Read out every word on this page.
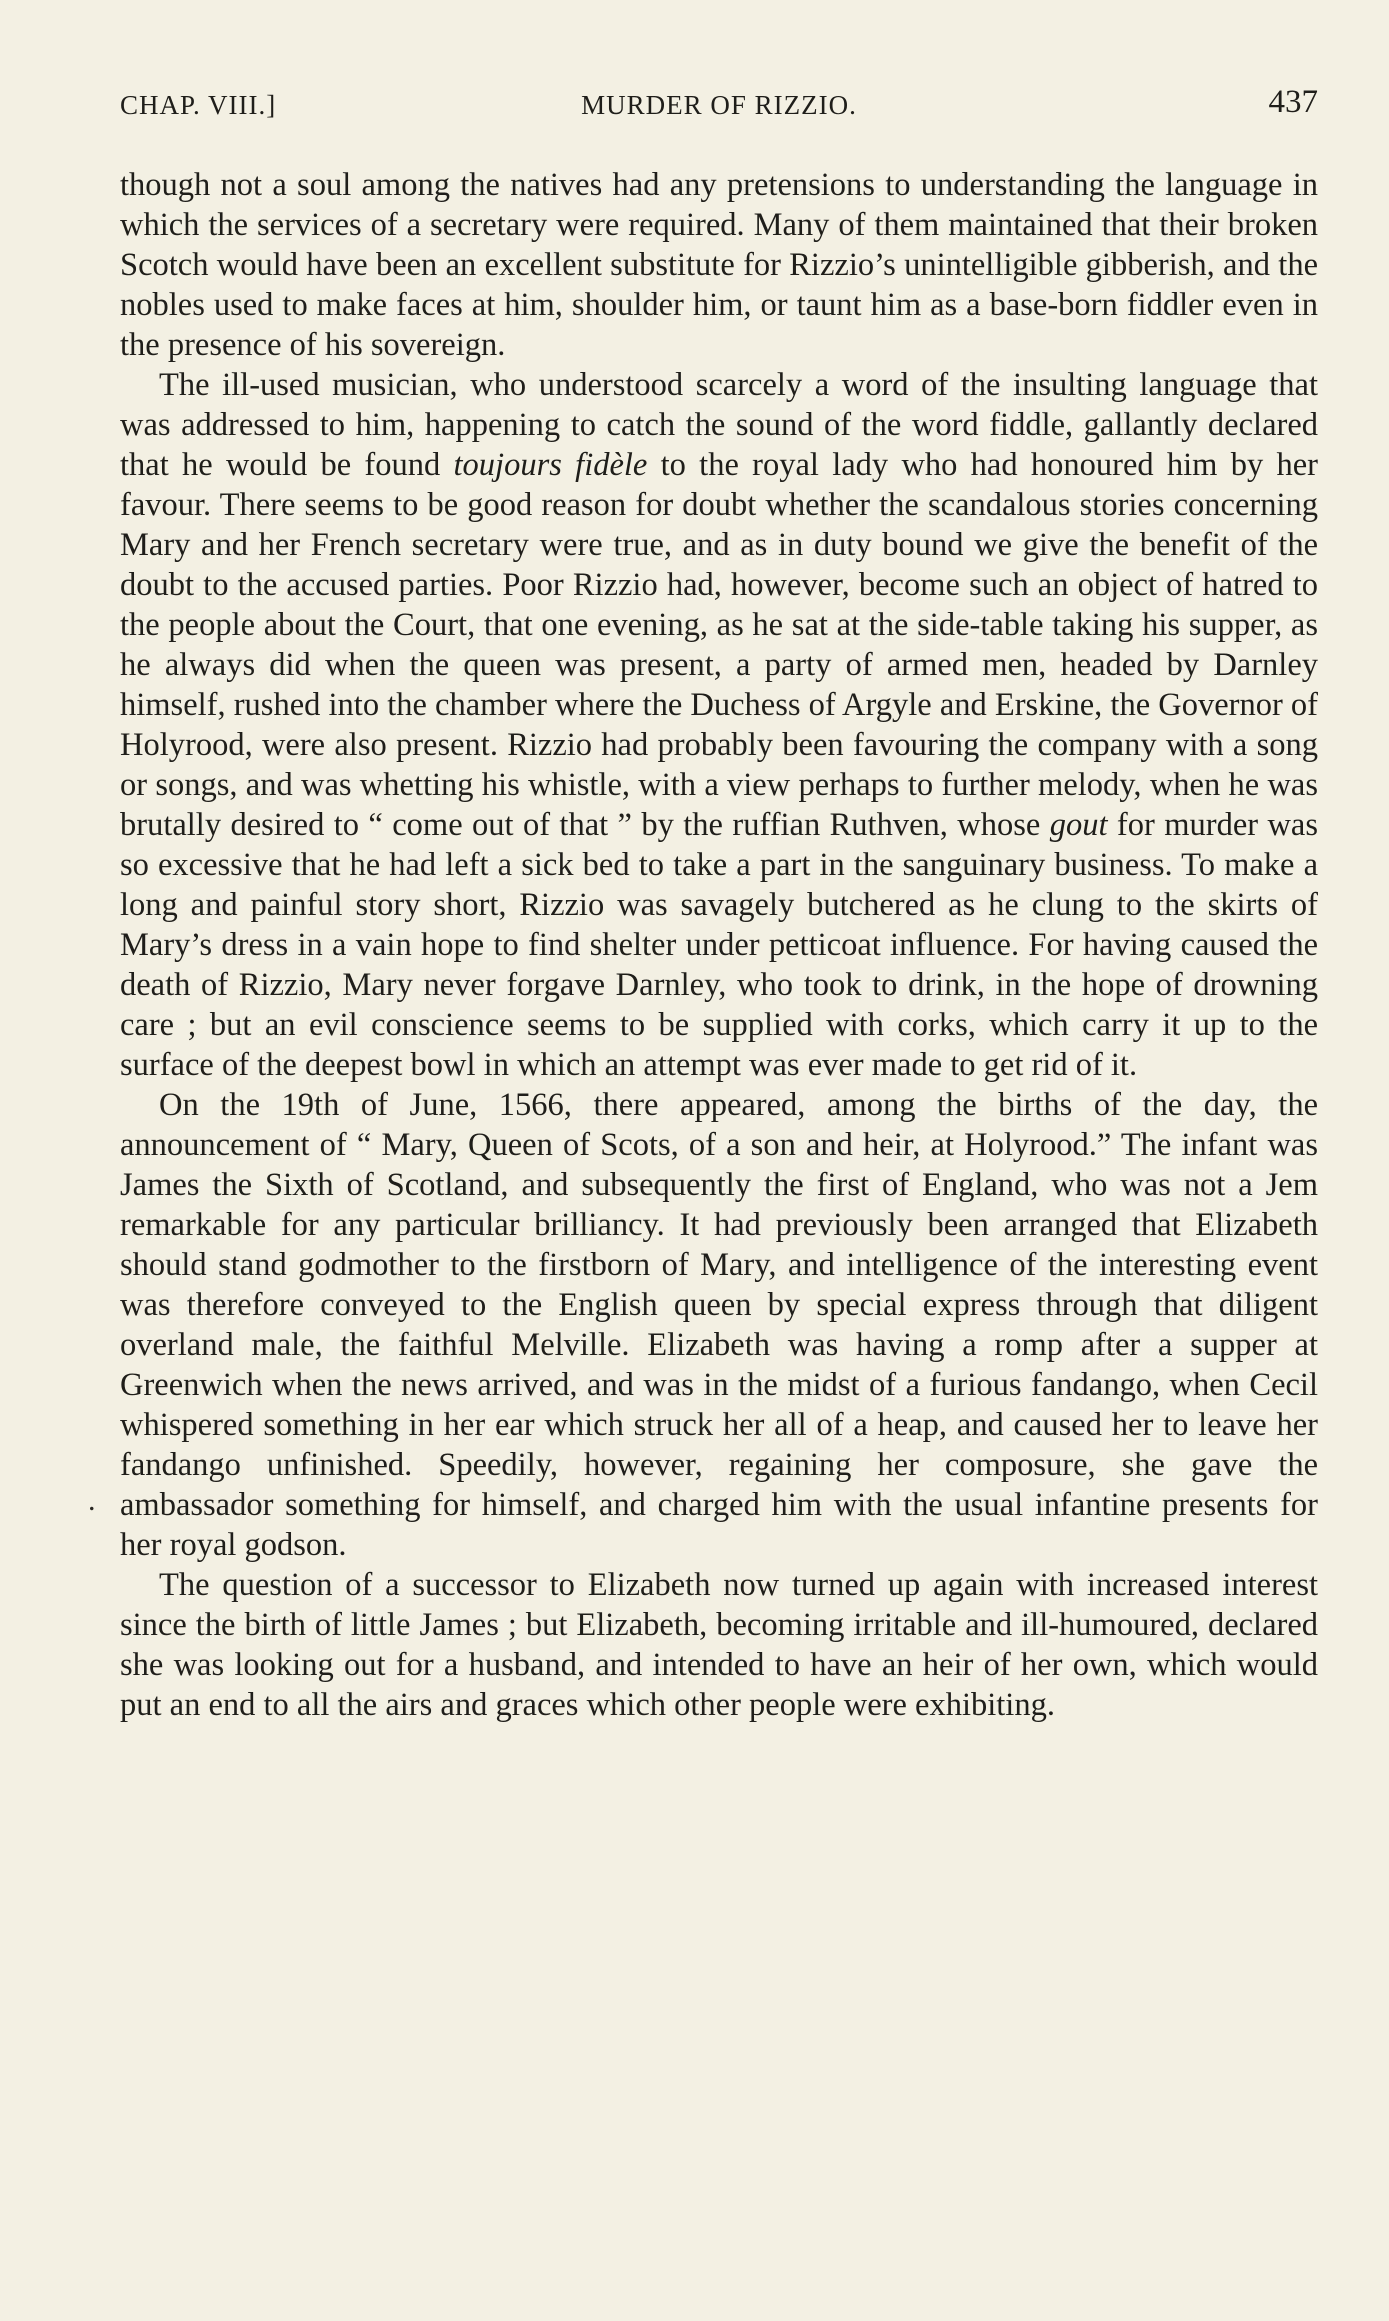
CHAP. VIII.]	MURDER OF RIZZIO.	437
.

though not a soul among the natives had any pretensions to understanding the language in which the services of a secretary were required. Many of them maintained that their broken Scotch would have been an excellent substitute for Rizzio’s unintelligible gibberish, and the nobles used to make faces at him, shoulder him, or taunt him as a base-born fiddler even in the presence of his sovereign.

The ill-used musician, who understood scarcely a word of the insulting language that was addressed to him, happening to catch the sound of the word fiddle, gallantly declared that he would be found toujours fidèle to the royal lady who had honoured him by her favour. There seems to be good reason for doubt whether the scandalous stories concerning Mary and her French secretary were true, and as in duty bound we give the benefit of the doubt to the accused parties. Poor Rizzio had, however, become such an object of hatred to the people about the Court, that one evening, as he sat at the side-table taking his supper, as he always did when the queen was present, a party of armed men, headed by Darnley himself, rushed into the chamber where the Duchess of Argyle and Erskine, the Governor of Holyrood, were also present. Rizzio had probably been favouring the company with a song or songs, and was whetting his whistle, with a view perhaps to further melody, when he was brutally desired to “ come out of that ” by the ruffian Ruthven, whose gout for murder was so excessive that he had left a sick bed to take a part in the sanguinary business. To make a long and painful story short, Rizzio was savagely butchered as he clung to the skirts of Mary’s dress in a vain hope to find shelter under petticoat influence. For having caused the death of Rizzio, Mary never forgave Darnley, who took to drink, in the hope of drowning care ; but an evil conscience seems to be supplied with corks, which carry it up to the surface of the deepest bowl in which an attempt was ever made to get rid of it.

On the 19th of June, 1566, there appeared, among the births of the day, the announcement of “ Mary, Queen of Scots, of a son and heir, at Holyrood.” The infant was James the Sixth of Scotland, and subsequently the first of England, who was not a Jem remarkable for any particular brilliancy. It had previously been arranged that Elizabeth should stand godmother to the firstborn of Mary, and intelligence of the interesting event was therefore conveyed to the English queen by special express through that diligent overland male, the faithful Melville. Elizabeth was having a romp after a supper at Greenwich when the news arrived, and was in the midst of a furious fandango, when Cecil whispered something in her ear which struck her all of a heap, and caused her to leave her fandango unfinished. Speedily, however, regaining her composure, she gave the ambassador something for himself, and charged him with the usual infantine presents for her royal godson.

The question of a successor to Elizabeth now turned up again with increased interest since the birth of little James ; but Elizabeth, becoming irritable and ill-humoured, declared she was looking out for a husband, and intended to have an heir of her own, which would put an end to all the airs and graces which other people were exhibiting.
